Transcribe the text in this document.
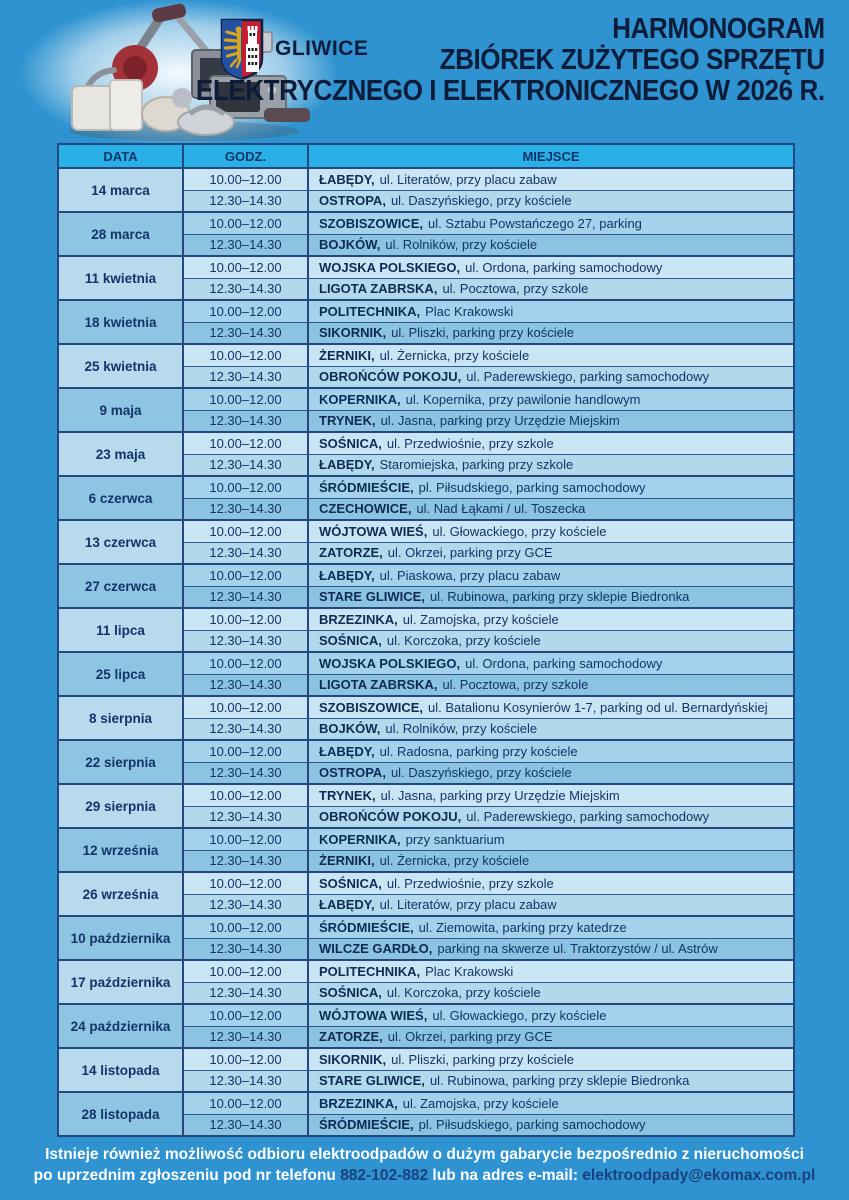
GLIWICE
HARMONOGRAM
ZBIÓREK ZUŻYTEGO SPRZĘTU
ELEKTRYCZNEGO I ELEKTRONICZNEGO W 2026 R.
DATA	GODZ.	MIEJSCE
14 marca
10.00–12.00	ŁABĘDY, ul. Literatów, przy placu zabaw
12.30–14.30	OSTROPA, ul. Daszyńskiego, przy kościele
28 marca
10.00–12.00	SZOBISZOWICE, ul. Sztabu Powstańczego 27, parking
12.30–14.30	BOJKÓW, ul. Rolników, przy kościele
11 kwietnia
10.00–12.00	WOJSKA POLSKIEGO, ul. Ordona, parking samochodowy
12.30–14.30	LIGOTA ZABRSKA, ul. Pocztowa, przy szkole
18 kwietnia
10.00–12.00	POLITECHNIKA, Plac Krakowski
12.30–14.30	SIKORNIK, ul. Pliszki, parking przy kościele
25 kwietnia
10.00–12.00	ŻERNIKI, ul. Żernicka, przy kościele
12.30–14.30	OBROŃCÓW POKOJU, ul. Paderewskiego, parking samochodowy
9 maja
10.00–12.00	KOPERNIKA, ul. Kopernika, przy pawilonie handlowym
12.30–14.30	TRYNEK, ul. Jasna, parking przy Urzędzie Miejskim
23 maja
10.00–12.00	SOŚNICA, ul. Przedwiośnie, przy szkole
12.30–14.30	ŁABĘDY, Staromiejska, parking przy szkole
6 czerwca
10.00–12.00	ŚRÓDMIEŚCIE, pl. Piłsudskiego, parking samochodowy
12.30–14.30	CZECHOWICE, ul. Nad Łąkami / ul. Toszecka
13 czerwca
10.00–12.00	WÓJTOWA WIEŚ, ul. Głowackiego, przy kościele
12.30–14.30	ZATORZE, ul. Okrzei, parking przy GCE
27 czerwca
10.00–12.00	ŁABĘDY, ul. Piaskowa, przy placu zabaw
12.30–14.30	STARE GLIWICE, ul. Rubinowa, parking przy sklepie Biedronka
11 lipca
10.00–12.00	BRZEZINKA, ul. Zamojska, przy kościele
12.30–14.30	SOŚNICA, ul. Korczoka, przy kościele
25 lipca
10.00–12.00	WOJSKA POLSKIEGO, ul. Ordona, parking samochodowy
12.30–14.30	LIGOTA ZABRSKA, ul. Pocztowa, przy szkole
8 sierpnia
10.00–12.00	SZOBISZOWICE, ul. Batalionu Kosynierów 1-7, parking od ul. Bernardyńskiej
12.30–14.30	BOJKÓW, ul. Rolników, przy kościele
22 sierpnia
10.00–12.00	ŁABĘDY, ul. Radosna, parking przy kościele
12.30–14.30	OSTROPA, ul. Daszyńskiego, przy kościele
29 sierpnia
10.00–12.00	TRYNEK, ul. Jasna, parking przy Urzędzie Miejskim
12.30–14.30	OBROŃCÓW POKOJU, ul. Paderewskiego, parking samochodowy
12 września
10.00–12.00	KOPERNIKA, przy sanktuarium
12.30–14.30	ŻERNIKI, ul. Żernicka, przy kościele
26 września
10.00–12.00	SOŚNICA, ul. Przedwiośnie, przy szkole
12.30–14.30	ŁABĘDY, ul. Literatów, przy placu zabaw
10 października
10.00–12.00	ŚRÓDMIEŚCIE, ul. Ziemowita, parking przy katedrze
12.30–14.30	WILCZE GARDŁO, parking na skwerze ul. Traktorzystów / ul. Astrów
17 października
10.00–12.00	POLITECHNIKA, Plac Krakowski
12.30–14.30	SOŚNICA, ul. Korczoka, przy kościele
24 października
10.00–12.00	WÓJTOWA WIEŚ, ul. Głowackiego, przy kościele
12.30–14.30	ZATORZE, ul. Okrzei, parking przy GCE
14 listopada
10.00–12.00	SIKORNIK, ul. Pliszki, parking przy kościele
12.30–14.30	STARE GLIWICE, ul. Rubinowa, parking przy sklepie Biedronka
28 listopada
10.00–12.00	BRZEZINKA, ul. Zamojska, przy kościele
12.30–14.30	ŚRÓDMIEŚCIE, pl. Piłsudskiego, parking samochodowy
Istnieje również możliwość odbioru elektroodpadów o dużym gabarycie bezpośrednio z nieruchomości
po uprzednim zgłoszeniu pod nr telefonu 882-102-882 lub na adres e-mail: elektroodpady@ekomax.com.pl
